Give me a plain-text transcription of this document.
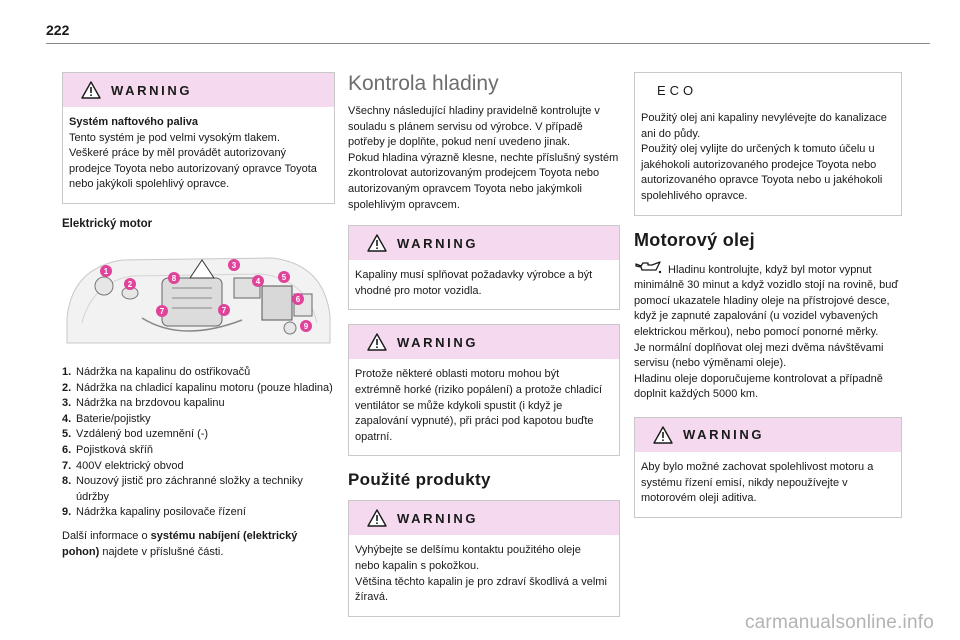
222
WARNING
Systém naftového paliva
Tento systém je pod velmi vysokým tlakem. Veškeré práce by měl provádět autorizovaný prodejce Toyota nebo autorizovaný opravce Toyota nebo jakýkoli spolehlivý opravce.
Elektrický motor
1
2
3
4	5
6
7	7
8
9
1. Nádržka na kapalinu do ostřikovačů
2. Nádržka na chladicí kapalinu motoru (pouze hladina)
3. Nádržka na brzdovou kapalinu
4. Baterie/pojistky
5. Vzdálený bod uzemnění (-)
6. Pojistková skříň
7. 400V elektrický obvod
8. Nouzový jistič pro záchranné složky a techniky údržby
9. Nádržka kapaliny posilovače řízení

Další informace o systému nabíjení (elektrický pohon) najdete v příslušné části.

Kontrola hladiny

Všechny následující hladiny pravidelně kontrolujte v souladu s plánem servisu od výrobce. V případě potřeby je doplňte, pokud není uvedeno jinak.

Pokud hladina výrazně klesne, nechte příslušný systém zkontrolovat autorizovaným prodejcem Toyota nebo autorizovaným opravcem Toyota nebo jakýmkoli spolehlivým opravcem.

WARNING
Kapaliny musí splňovat požadavky výrobce a být vhodné pro motor vozidla.
WARNING
Protože některé oblasti motoru mohou být extrémně horké (riziko popálení) a protože chladicí ventilátor se může kdykoli spustit (i když je zapalování vypnuté), při práci pod kapotou buďte opatrní.
Použité produkty
WARNING
Vyhýbejte se delšímu kontaktu použitého oleje nebo kapalin s pokožkou.
Většina těchto kapalin je pro zdraví škodlivá a velmi žíravá.
ECO
Použitý olej ani kapaliny nevylévejte do kanalizace ani do půdy.
Použitý olej vylijte do určených k tomuto účelu u jakéhokoli autorizovaného prodejce Toyota nebo autorizovaného opravce Toyota nebo u jakéhokoli spolehlivého opravce.
Motorový olej

Hladinu kontrolujte, když byl motor vypnut minimálně 30 minut a když vozidlo stojí na rovině, buď pomocí ukazatele hladiny oleje na přístrojové desce, když je zapnuté zapalování (u vozidel vybavených elektrickou měrkou), nebo pomocí ponorné měrky.

Je normální doplňovat olej mezi dvěma návštěvami servisu (nebo výměnami oleje).

Hladinu oleje doporučujeme kontrolovat a případně doplnit každých 5000 km.

WARNING
Aby bylo možné zachovat spolehlivost motoru a systému řízení emisí, nikdy nepoužívejte v motorovém oleji aditiva.
carmanualsonline.info
